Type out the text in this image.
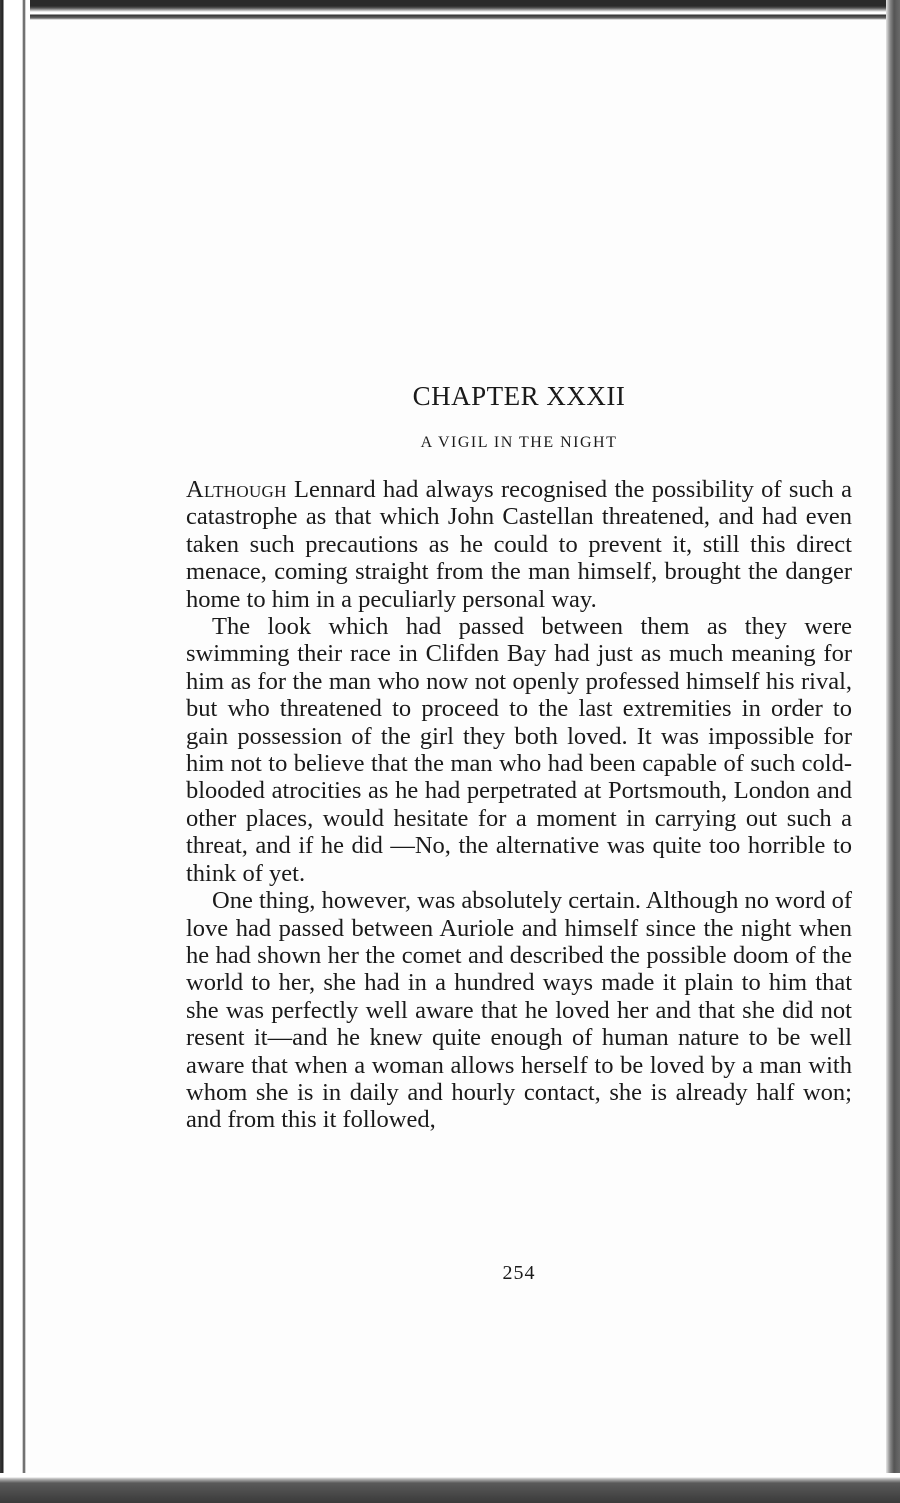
CHAPTER XXXII
A VIGIL IN THE NIGHT

Although Lennard had always recognised the possibility of such a catastrophe as that which John Castellan threatened, and had even taken such precautions as he could to prevent it, still this direct menace, coming straight from the man himself, brought the danger home to him in a peculiarly personal way.

The look which had passed between them as they were swimming their race in Clifden Bay had just as much meaning for him as for the man who now not openly professed himself his rival, but who threatened to proceed to the last extremities in order to gain possession of the girl they both loved. It was impossible for him not to believe that the man who had been capable of such cold-blooded atrocities as he had perpetrated at Portsmouth, London and other places, would hesitate for a moment in carrying out such a threat, and if he did —No, the alternative was quite too horrible to think of yet.

One thing, however, was absolutely certain. Although no word of love had passed between Auriole and himself since the night when he had shown her the comet and described the possible doom of the world to her, she had in a hundred ways made it plain to him that she was perfectly well aware that he loved her and that she did not resent it—and he knew quite enough of human nature to be well aware that when a woman allows herself to be loved by a man with whom she is in daily and hourly contact, she is already half won; and from this it followed,

254
